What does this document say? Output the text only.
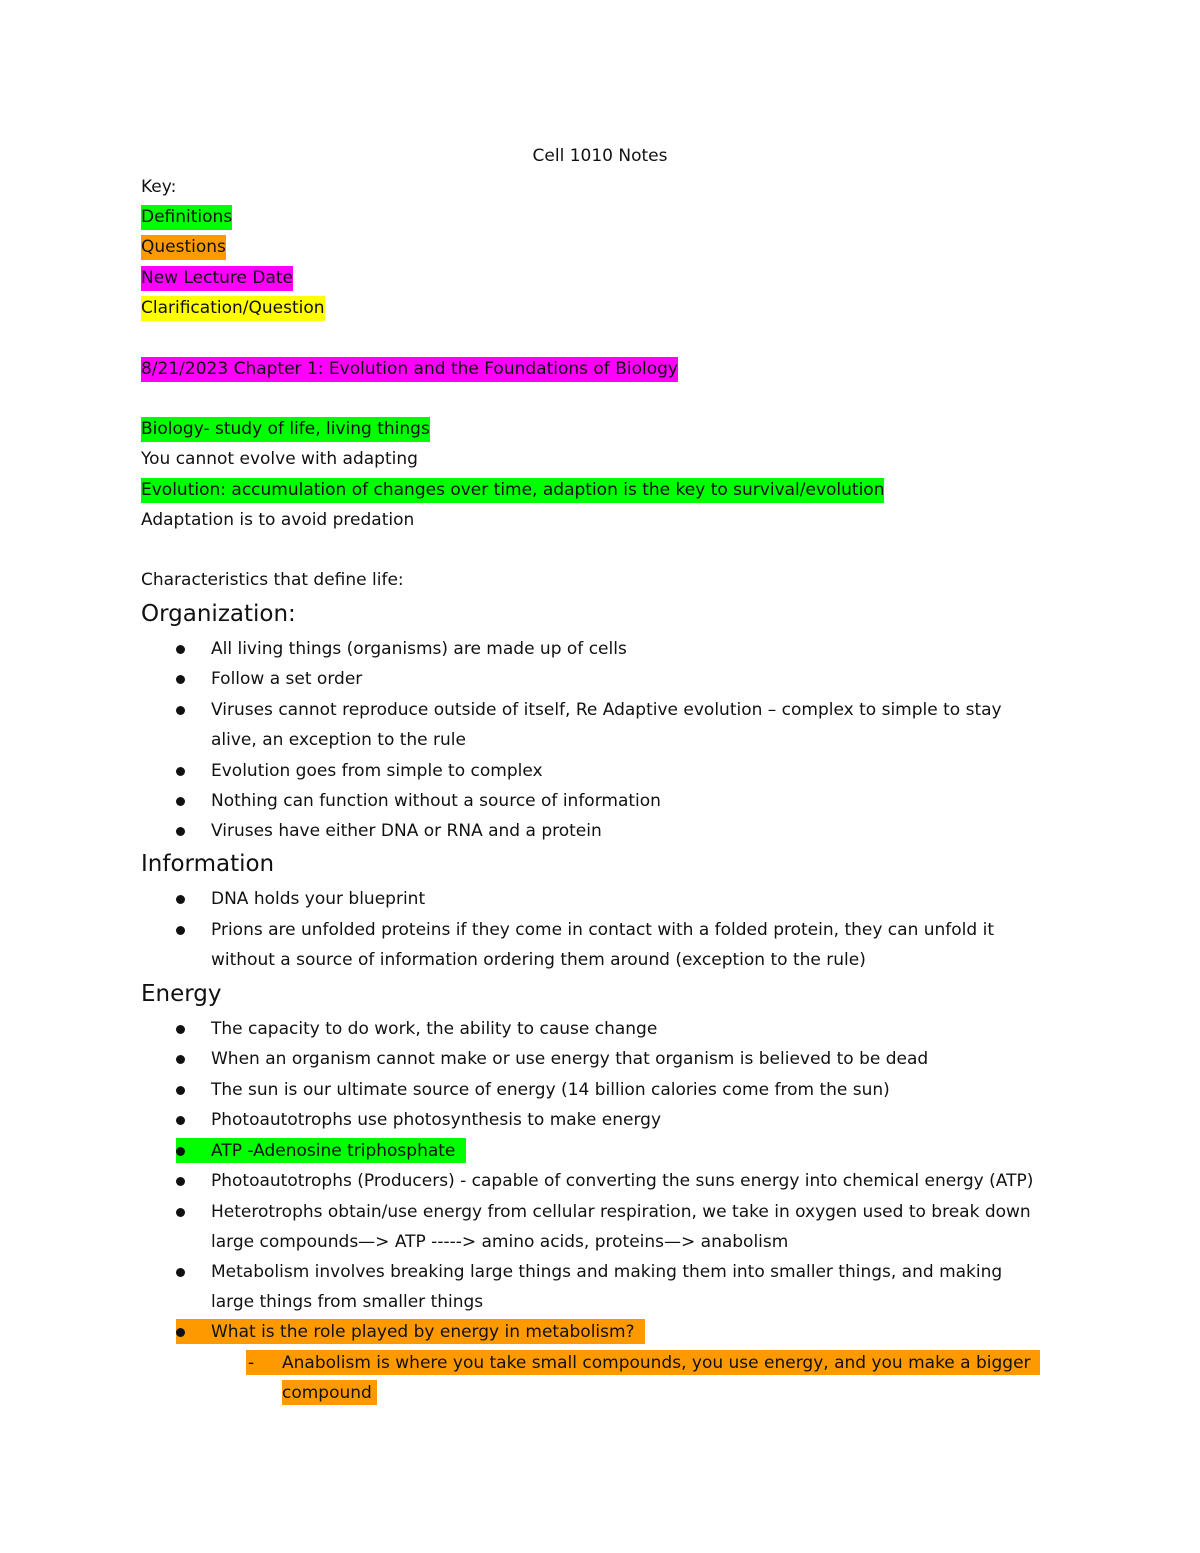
Cell 1010 Notes
Key:
Definitions
Questions
New Lecture Date
Clarification/Question
8/21/2023 Chapter 1: Evolution and the Foundations of Biology
Biology- study of life, living things
You cannot evolve with adapting
Evolution: accumulation of changes over time, adaption is the key to survival/evolution
Adaptation is to avoid predation
Characteristics that define life:
Organization:
All living things (organisms) are made up of cells
Follow a set order
Viruses cannot reproduce outside of itself, Re Adaptive evolution – complex to simple to stay
alive, an exception to the rule
Evolution goes from simple to complex
Nothing can function without a source of information
Viruses have either DNA or RNA and a protein
Information
DNA holds your blueprint
Prions are unfolded proteins if they come in contact with a folded protein, they can unfold it
without a source of information ordering them around (exception to the rule)
Energy
The capacity to do work, the ability to cause change
When an organism cannot make or use energy that organism is believed to be dead
The sun is our ultimate source of energy (14 billion calories come from the sun)
Photoautotrophs use photosynthesis to make energy
ATP -Adenosine triphosphate
Photoautotrophs (Producers) - capable of converting the suns energy into chemical energy (ATP)
Heterotrophs obtain/use energy from cellular respiration, we take in oxygen used to break down
large compounds—> ATP -----> amino acids, proteins—> anabolism
Metabolism involves breaking large things and making them into smaller things, and making
large things from smaller things
What is the role played by energy in metabolism?
- Anabolism is where you take small compounds, you use energy, and you make a bigger
compound
